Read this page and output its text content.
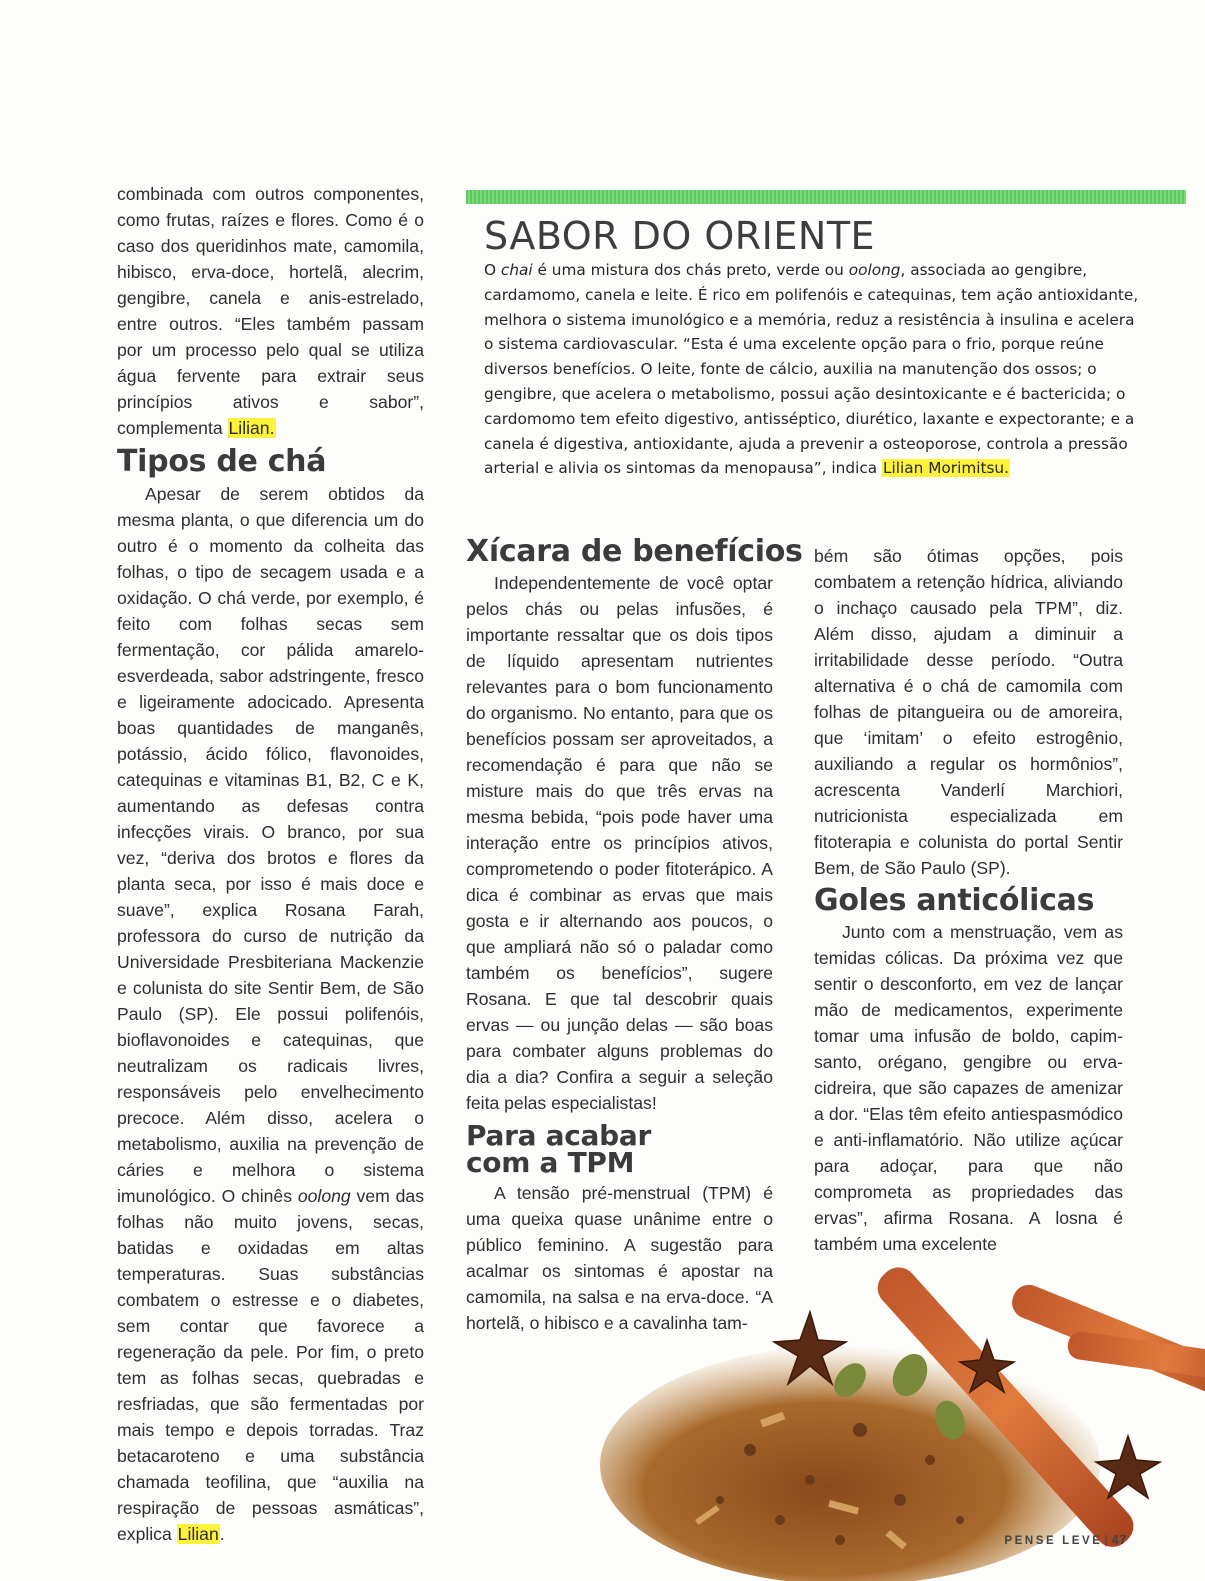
combinada com outros componentes, como frutas, raízes e flores. Como é o caso dos queridinhos mate, camomila, hibisco, erva-doce, hortelã, alecrim, gengibre, canela e anis-estrelado, entre outros. “Eles também passam por um processo pelo qual se utiliza água fervente para extrair seus princípios ativos e sabor”, complementa Lilian.

Tipos de chá

Apesar de serem obtidos da mesma planta, o que diferencia um do outro é o momento da colheita das folhas, o tipo de secagem usada e a oxidação. O chá verde, por exemplo, é feito com folhas secas sem fermentação, cor pálida amarelo-esverdeada, sabor adstringente, fresco e ligeiramente adocicado. Apresenta boas quantidades de manganês, potássio, ácido fólico, flavonoides, catequinas e vitaminas B1, B2, C e K, aumentando as defesas contra infecções virais. O branco, por sua vez, “deriva dos brotos e flores da planta seca, por isso é mais doce e suave”, explica Rosana Farah, professora do curso de nutrição da Universidade Presbiteriana Mackenzie e colunista do site Sentir Bem, de São Paulo (SP). Ele possui polifenóis, bioflavonoides e catequinas, que neutralizam os radicais livres, responsáveis pelo envelhecimento precoce. Além disso, acelera o metabolismo, auxilia na prevenção de cáries e melhora o sistema imunológico. O chinês oolong vem das folhas não muito jovens, secas, batidas e oxidadas em altas temperaturas. Suas substâncias combatem o estresse e o diabetes, sem contar que favorece a regeneração da pele. Por fim, o preto tem as folhas secas, quebradas e resfriadas, que são fermentadas por mais tempo e depois torradas. Traz betacaroteno e uma substância chamada teofilina, que “auxilia na respiração de pessoas asmáticas”, explica Lilian.

SABOR DO ORIENTE
O chai é uma mistura dos chás preto, verde ou oolong, associada ao gengibre, cardamomo, canela e leite. É rico em polifenóis e catequinas, tem ação antioxidante, melhora o sistema imunológico e a memória, reduz a resistência à insulina e acelera o sistema cardiovascular. “Esta é uma excelente opção para o frio, porque reúne diversos benefícios. O leite, fonte de cálcio, auxilia na manutenção dos ossos; o gengibre, que acelera o metabolismo, possui ação desintoxicante e é bactericida; o cardomomo tem efeito digestivo, antisséptico, diurético, laxante e expectorante; e a canela é digestiva, antioxidante, ajuda a prevenir a osteoporose, controla a pressão arterial e alivia os sintomas da menopausa”, indica Lilian Morimitsu.
Xícara de benefícios

Independentemente de você optar pelos chás ou pelas infusões, é importante ressaltar que os dois tipos de líquido apresentam nutrientes relevantes para o bom funcionamento do organismo. No entanto, para que os benefícios possam ser aproveitados, a recomendação é para que não se misture mais do que três ervas na mesma bebida, “pois pode haver uma interação entre os princípios ativos, comprometendo o poder fitoterápico. A dica é combinar as ervas que mais gosta e ir alternando aos poucos, o que ampliará não só o paladar como também os benefícios”, sugere Rosana. E que tal descobrir quais ervas — ou junção delas — são boas para combater alguns problemas do dia a dia? Confira a seguir a seleção feita pelas especialistas!

Para acabar
com a TPM

A tensão pré-menstrual (TPM) é uma queixa quase unânime entre o público feminino. A sugestão para acalmar os sintomas é apostar na camomila, na salsa e na erva-doce. “A hortelã, o hibisco e a cavalinha tam-

bém são ótimas opções, pois combatem a retenção hídrica, aliviando o inchaço causado pela TPM”, diz. Além disso, ajudam a diminuir a irritabilidade desse período. “Outra alternativa é o chá de camomila com folhas de pitangueira ou de amoreira, que ‘imitam’ o efeito estrogênio, auxiliando a regular os hormônios”, acrescenta Vanderlí Marchiori, nutricionista especializada em fitoterapia e colunista do portal Sentir Bem, de São Paulo (SP).

Goles anticólicas

Junto com a menstruação, vem as temidas cólicas. Da próxima vez que sentir o desconforto, em vez de lançar mão de medicamentos, experimente tomar uma infusão de boldo, capim-santo, orégano, gengibre ou erva-cidreira, que são capazes de amenizar a dor. “Elas têm efeito antiespasmódico e anti-inflamatório. Não utilize açúcar para adoçar, para que não comprometa as propriedades das ervas”, afirma Rosana. A losna é também uma excelente

PENSE LEVE | 47
